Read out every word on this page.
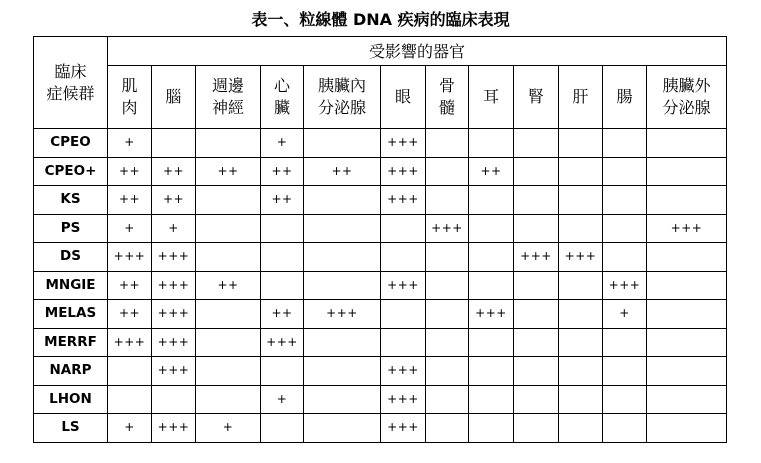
表一、粒線體 DNA 疾病的臨床表現
臨床
症候群	受影響的器官											

	肌
肉	腦	週邊
神經	心
臟	胰臟內
分泌腺	眼	骨
髓	耳	腎	肝	腸	胰臟外
分泌腺

CPEO	+			+		+++						
CPEO+	++	++	++	++	++	+++		++				
KS	++	++		++		+++						
PS	+	+					+++					+++
DS	+++	+++							+++	+++		
MNGIE	++	+++	++			+++					+++	
MELAS	++	+++		++	+++			+++			+	
MERRF	+++	+++		+++								
NARP		+++				+++						
LHON				+		+++						
LS	+	+++	+			+++						
